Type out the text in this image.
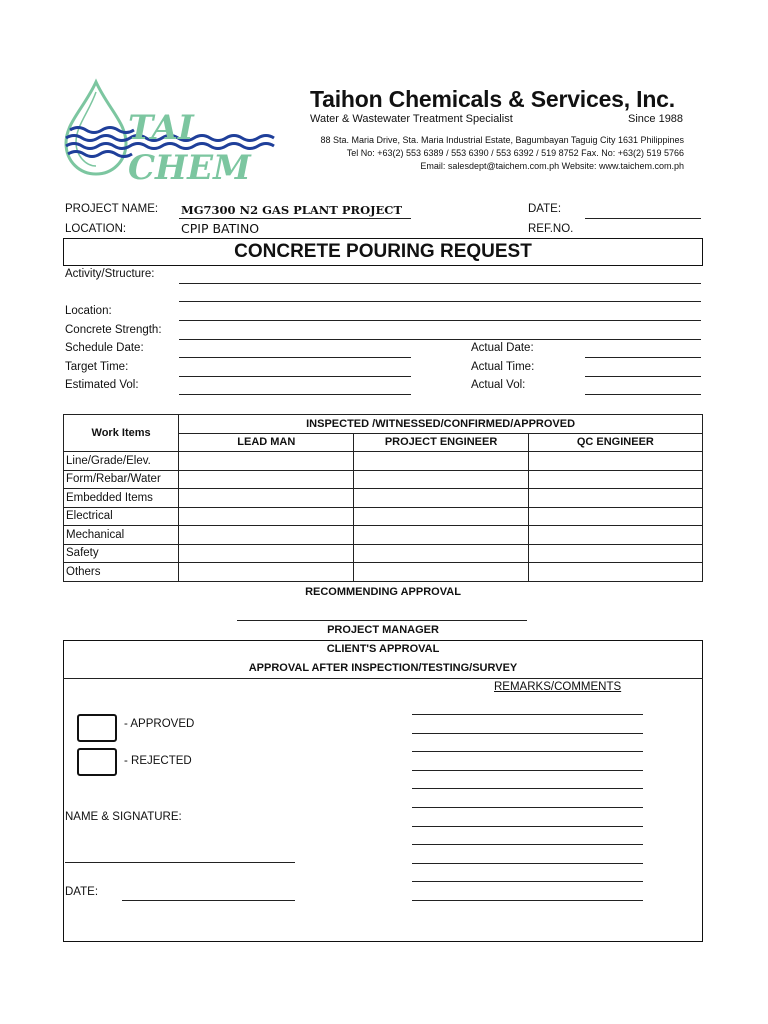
TAI CHEM
Taihon Chemicals & Services, Inc.
Water & Wastewater Treatment Specialist	Since 1988
88 Sta. Maria Drive, Sta. Maria Industrial Estate, Bagumbayan Taguig City 1631 Philippines
Tel No: +63(2) 553 6389 / 553 6390 / 553 6392 / 519 8752 Fax. No: +63(2) 519 5766
Email: salesdept@taichem.com.ph Website: www.taichem.com.ph
PROJECT NAME: MG7300 N2 GAS PLANT PROJECT	DATE:
LOCATION:	CPIP BATINO	REF.NO.
CONCRETE POURING REQUEST
Activity/Structure:
Location:
Concrete Strength:
Schedule Date:	Actual Date:
Target Time:	Actual Time:
Estimated Vol:	Actual Vol:
Work Items	INSPECTED /WITNESSED/CONFIRMED/APPROVED		
	LEAD MAN	PROJECT ENGINEER	QC ENGINEER
Line/Grade/Elev.			
Form/Rebar/Water			
Embedded Items			
Electrical			
Mechanical			
Safety			
Others			
RECOMMENDING APPROVAL
PROJECT MANAGER
CLIENT'S APPROVAL
APPROVAL AFTER INSPECTION/TESTING/SURVEY
REMARKS/COMMENTS
- APPROVED
- REJECTED
NAME & SIGNATURE:
DATE:
